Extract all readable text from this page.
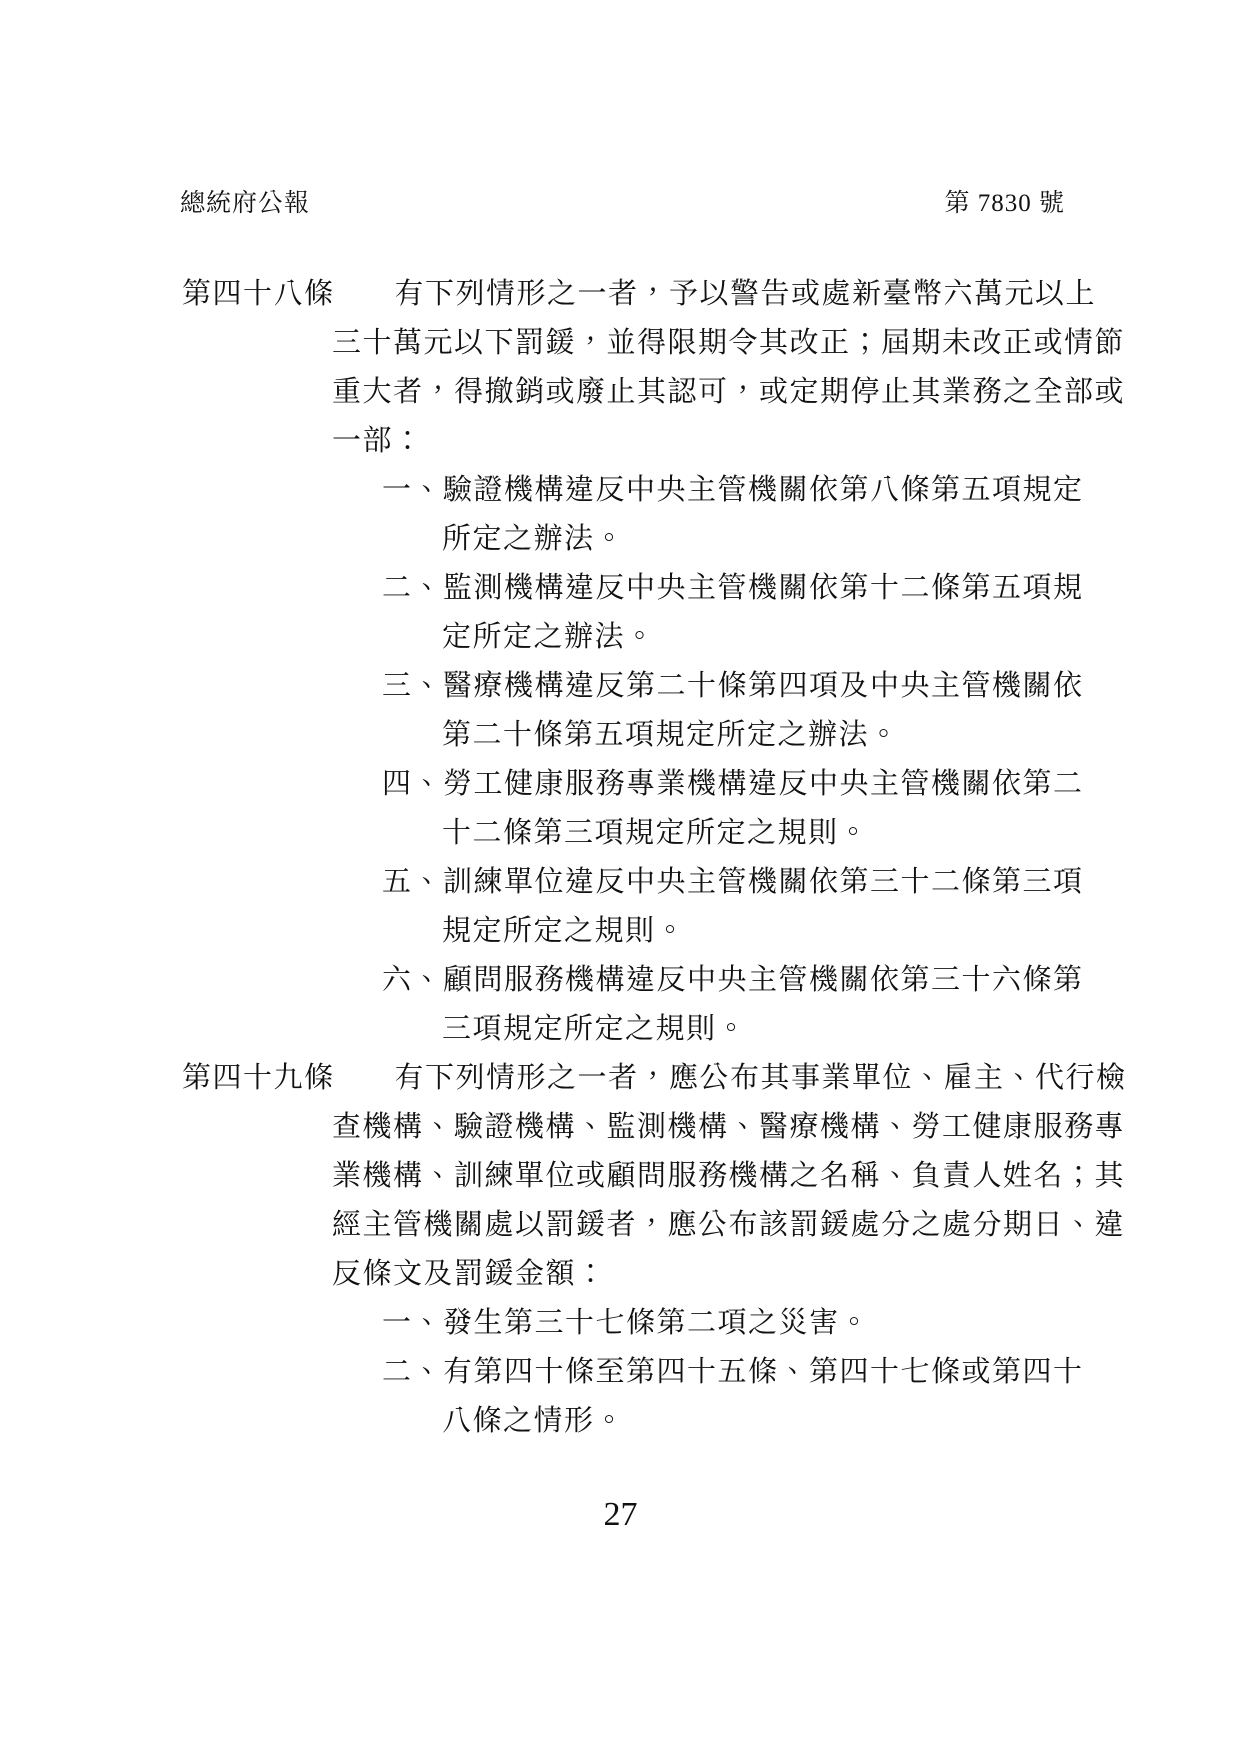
總統府公報	第 7830 號
第四十八條 有下列情形之一者，予以警告或處新臺幣六萬元以上
三十萬元以下罰鍰，並得限期令其改正；屆期未改正或情節
重大者，得撤銷或廢止其認可，或定期停止其業務之全部或
一部：
一、驗證機構違反中央主管機關依第八條第五項規定
所定之辦法。
二、監測機構違反中央主管機關依第十二條第五項規
定所定之辦法。
三、醫療機構違反第二十條第四項及中央主管機關依
第二十條第五項規定所定之辦法。
四、勞工健康服務專業機構違反中央主管機關依第二
十二條第三項規定所定之規則。
五、訓練單位違反中央主管機關依第三十二條第三項
規定所定之規則。
六、顧問服務機構違反中央主管機關依第三十六條第
三項規定所定之規則。
第四十九條 有下列情形之一者，應公布其事業單位、雇主、代行檢
查機構、驗證機構、監測機構、醫療機構、勞工健康服務專
業機構、訓練單位或顧問服務機構之名稱、負責人姓名；其
經主管機關處以罰鍰者，應公布該罰鍰處分之處分期日、違
反條文及罰鍰金額：
一、發生第三十七條第二項之災害。
二、有第四十條至第四十五條、第四十七條或第四十
八條之情形。
27
